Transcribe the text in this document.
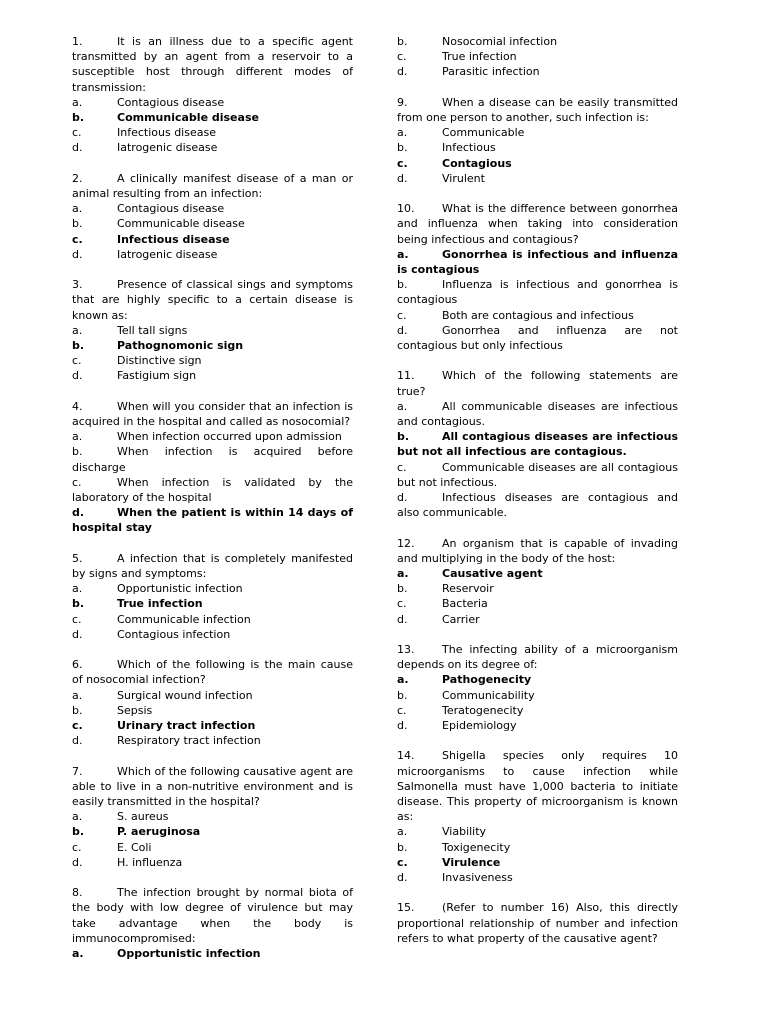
1.	It is an illness due to a specific agent transmitted by an agent from a reservoir to a susceptible host through different modes of transmission:
a.	Contagious disease
b.	Communicable disease
c.	Infectious disease
d.	Iatrogenic disease
2.	A clinically manifest disease of a man or animal resulting from an infection:
a.	Contagious disease
b.	Communicable disease
c.	Infectious disease
d.	Iatrogenic disease
3.	Presence of classical sings and symptoms that are highly specific to a certain disease is known as:
a.	Tell tall signs
b.	Pathognomonic sign
c.	Distinctive sign
d.	Fastigium sign
4.	When will you consider that an infection is acquired in the hospital and called as nosocomial?
a.	When infection occurred upon admission
b.	When infection is acquired before discharge
c.	When infection is validated by the laboratory of the hospital
d.	When the patient is within 14 days of hospital stay
5.	A infection that is completely manifested by signs and symptoms:
a.	Opportunistic infection
b.	True infection
c.	Communicable infection
d.	Contagious infection
6.	Which of the following is the main cause of nosocomial infection?
a.	Surgical wound infection
b.	Sepsis
c.	Urinary tract infection
d.	Respiratory tract infection
7.	Which of the following causative agent are able to live in a non-nutritive environment and is easily transmitted in the hospital?
a.	S. aureus
b.	P. aeruginosa
c.	E. Coli
d.	H. influenza
8.	The infection brought by normal biota of the body with low degree of virulence but may take advantage when the body is immunocompromised:
a.	Opportunistic infection
b.	Nosocomial infection
c.	True infection
d.	Parasitic infection
9.	When a disease can be easily transmitted from one person to another, such infection is:
a.	Communicable
b.	Infectious
c.	Contagious
d.	Virulent
10.	What is the difference between gonorrhea and influenza when taking into consideration being infectious and contagious?
a.	Gonorrhea is infectious and influenza is contagious
b.	Influenza is infectious and gonorrhea is contagious
c.	Both are contagious and infectious
d.	Gonorrhea and influenza are not contagious but only infectious
11.	Which of the following statements are true?
a.	All communicable diseases are infectious and contagious.
b.	All contagious diseases are infectious but not all infectious are contagious.
c.	Communicable diseases are all contagious but not infectious.
d.	Infectious diseases are contagious and also communicable.
12.	An organism that is capable of invading and multiplying in the body of the host:
a.	Causative agent
b.	Reservoir
c.	Bacteria
d.	Carrier
13.	The infecting ability of a microorganism depends on its degree of:
a.	Pathogenecity
b.	Communicability
c.	Teratogenecity
d.	Epidemiology
14.	Shigella species only requires 10 microorganisms to cause infection while Salmonella must have 1,000 bacteria to initiate disease. This property of microorganism is known as:
a.	Viability
b.	Toxigenecity
c.	Virulence
d.	Invasiveness
15.	(Refer to number 16) Also, this directly proportional relationship of number and infection refers to what property of the causative agent?
